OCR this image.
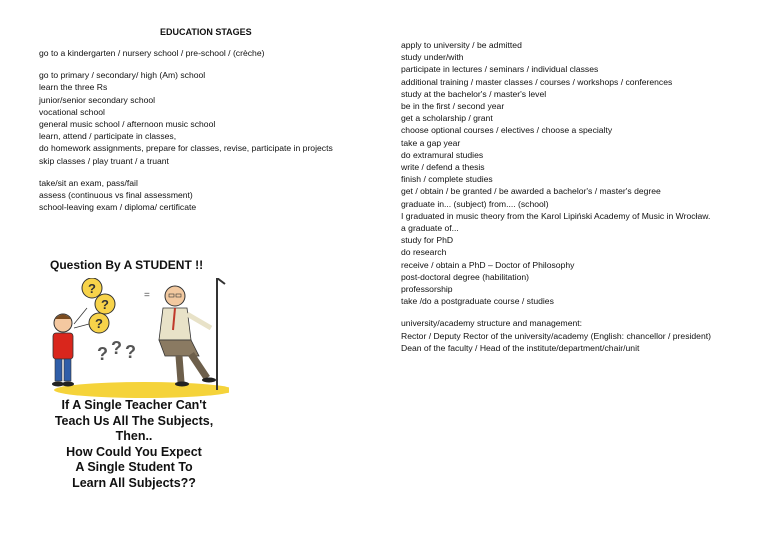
EDUCATION STAGES
go to a kindergarten / nursery school / pre-school / (crèche)
go to primary / secondary/ high (Am) school
learn the three Rs
junior/senior secondary school
vocational school
general music school / afternoon music school
learn, attend / participate in classes,
do homework assignments, prepare for classes, revise, participate in projects
skip classes / play truant / a truant
take/sit an exam, pass/fail
assess (continuous vs final assessment)
school-leaving exam / diploma/ certificate
apply to university / be admitted
study under/with
participate in lectures / seminars / individual classes
additional training / master classes / courses / workshops / conferences
study at the bachelor's / master's level
be in the first / second year
get a scholarship / grant
choose optional courses / electives / choose a specialty
take a gap year
do extramural studies
write / defend a thesis
finish / complete studies
get / obtain / be granted / be awarded a bachelor's / master's degree
graduate in... (subject) from.... (school)
I graduated in music theory from the Karol Lipiński Academy of Music in Wrocław.
a graduate of...
study for PhD
do research
receive / obtain a PhD – Doctor of Philosophy
post-doctoral degree (habilitation)
professorship
take /do a postgraduate course / studies
university/academy structure and management:
Rector / Deputy Rector of the university/academy (English: chancellor / president)
Dean of the faculty / Head of the institute/department/chair/unit
Question By A STUDENT !!
?
?
?
? ? ?
=
If A Single Teacher Can't
Teach Us All The Subjects,
Then..
How Could You Expect
A Single Student To
Learn All Subjects??
